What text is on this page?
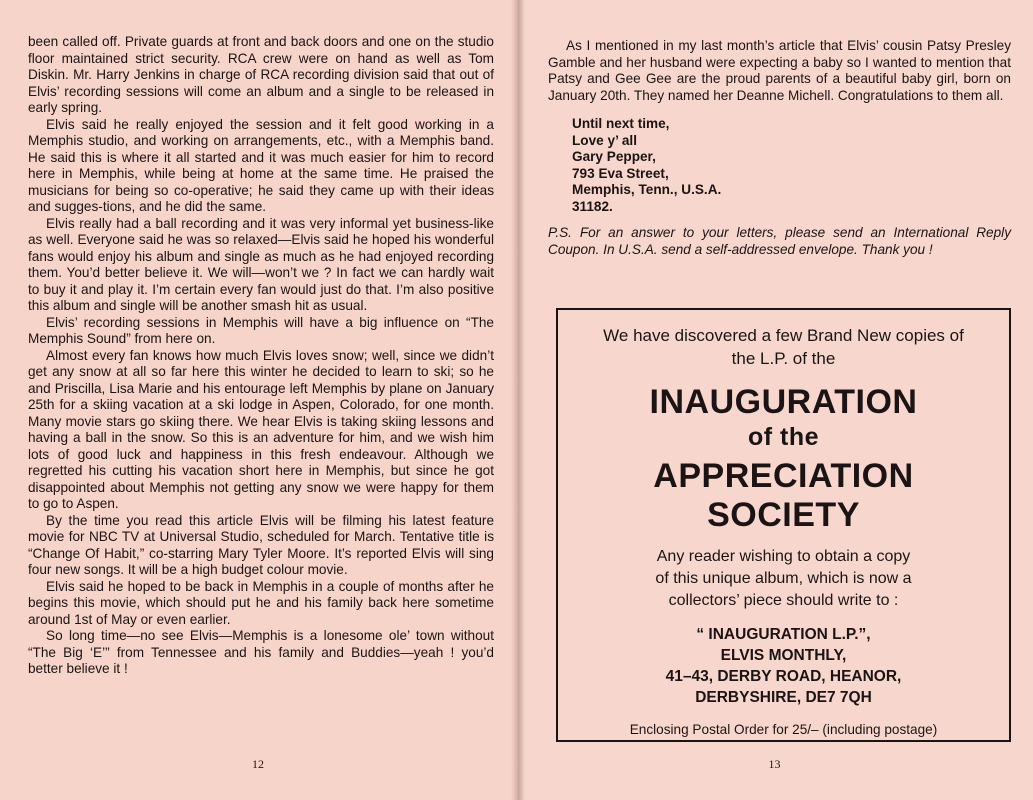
been called off. Private guards at front and back doors and one on the studio floor maintained strict security. RCA crew were on hand as well as Tom Diskin. Mr. Harry Jenkins in charge of RCA recording division said that out of Elvis’ recording sessions will come an album and a single to be released in early spring.

Elvis said he really enjoyed the session and it felt good working in a Memphis studio, and working on arrangements, etc., with a Memphis band. He said this is where it all started and it was much easier for him to record here in Memphis, while being at home at the same time. He praised the musicians for being so co-operative; he said they came up with their ideas and sugges-tions, and he did the same.

Elvis really had a ball recording and it was very informal yet business-like as well. Everyone said he was so relaxed—Elvis said he hoped his wonderful fans would enjoy his album and single as much as he had enjoyed recording them. You’d better believe it. We will—won’t we ? In fact we can hardly wait to buy it and play it. I’m certain every fan would just do that. I’m also positive this album and single will be another smash hit as usual.

Elvis’ recording sessions in Memphis will have a big influence on “The Memphis Sound” from here on.

Almost every fan knows how much Elvis loves snow; well, since we didn’t get any snow at all so far here this winter he decided to learn to ski; so he and Priscilla, Lisa Marie and his entourage left Memphis by plane on January 25th for a skiing vacation at a ski lodge in Aspen, Colorado, for one month. Many movie stars go skiing there. We hear Elvis is taking skiing lessons and having a ball in the snow. So this is an adventure for him, and we wish him lots of good luck and happiness in this fresh endeavour. Although we regretted his cutting his vacation short here in Memphis, but since he got disappointed about Memphis not getting any snow we were happy for them to go to Aspen.

By the time you read this article Elvis will be filming his latest feature movie for NBC TV at Universal Studio, scheduled for March. Tentative title is “Change Of Habit,” co-starring Mary Tyler Moore. It’s reported Elvis will sing four new songs. It will be a high budget colour movie.

Elvis said he hoped to be back in Memphis in a couple of months after he begins this movie, which should put he and his family back here sometime around 1st of May or even earlier.

So long time—no see Elvis—Memphis is a lonesome ole’ town without “The Big ‘E’” from Tennessee and his family and Buddies—yeah ! you’d better believe it !

12

As I mentioned in my last month’s article that Elvis’ cousin Patsy Presley Gamble and her husband were expecting a baby so I wanted to mention that Patsy and Gee Gee are the proud parents of a beautiful baby girl, born on January 20th. They named her Deanne Michell. Congratulations to them all.

Until next time,
Love y’ all
Gary Pepper,
793 Eva Street,
Memphis, Tenn., U.S.A.
31182.

P.S. For an answer to your letters, please send an International Reply Coupon. In U.S.A. send a self-addressed envelope. Thank you !

We have discovered a few Brand New copies of
the L.P. of the
INAUGURATION
of the
APPRECIATION
SOCIETY
Any reader wishing to obtain a copy
of this unique album, which is now a
collectors’ piece should write to :
“ INAUGURATION L.P.”,
ELVIS MONTHLY,
41–43, DERBY ROAD, HEANOR,
DERBYSHIRE, DE7 7QH
Enclosing Postal Order for 25/– (including postage)
13
